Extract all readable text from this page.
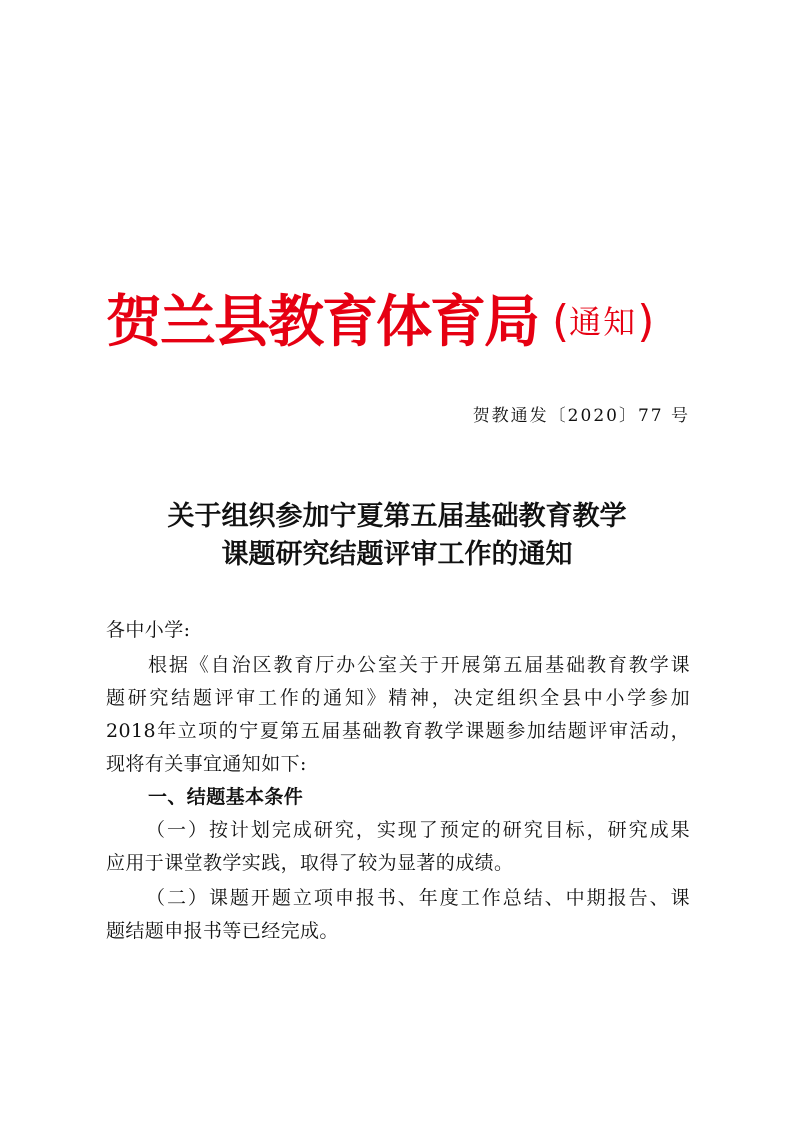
贺兰县教育体育局 (通知)
贺教通发〔2020〕77 号
关于组织参加宁夏第五届基础教育教学
课题研究结题评审工作的通知
各中小学:
根据《自治区教育厅办公室关于开展第五届基础教育教学课
题研究结题评审工作的通知》精神，决定组织全县中小学参加
2018年立项的宁夏第五届基础教育教学课题参加结题评审活动，
现将有关事宜通知如下:
一、结题基本条件
（一）按计划完成研究，实现了预定的研究目标，研究成果
应用于课堂教学实践，取得了较为显著的成绩。
（二）课题开题立项申报书、年度工作总结、中期报告、课
题结题申报书等已经完成。
